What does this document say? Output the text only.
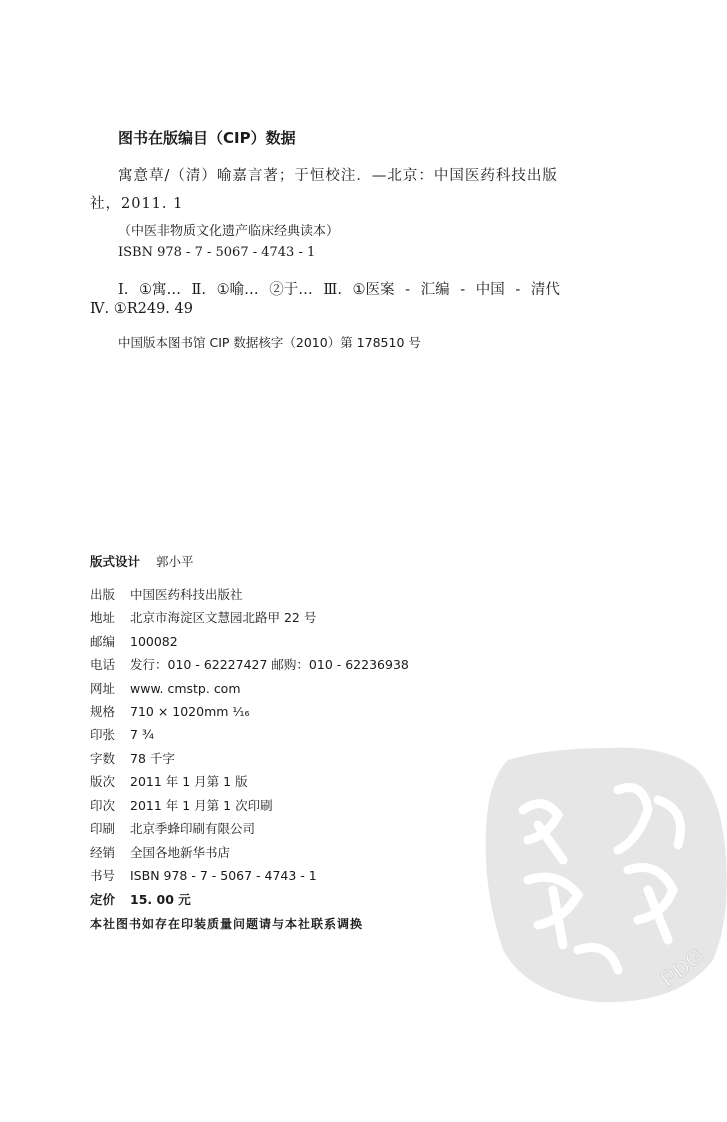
图书在版编目（CIP）数据
寓意草/（清）喻嘉言著；于恒校注．—北京：中国医药科技出版
社，2011. 1
（中医非物质文化遗产临床经典读本）
ISBN 978 - 7 - 5067 - 4743 - 1
Ⅰ. ①寓… Ⅱ. ①喻… ②于… Ⅲ. ①医案 - 汇编 - 中国 - 清代
Ⅳ. ①R249. 49
中国版本图书馆 CIP 数据核字（2010）第 178510 号
版式设计 郭小平
出版 中国医药科技出版社
地址 北京市海淀区文慧园北路甲 22 号
邮编 100082
电话 发行：010 - 62227427 邮购：010 - 62236938
网址 www. cmstp. com
规格 710 × 1020mm ¹⁄₁₆
印张 7 ¾
字数 78 千字
版次 2011 年 1 月第 1 版
印次 2011 年 1 月第 1 次印刷
印刷 北京季蜂印刷有限公司
经销 全国各地新华书店
书号 ISBN 978 - 7 - 5067 - 4743 - 1
定价 15. 00 元
本社图书如存在印装质量问题请与本社联系调换
PDG
